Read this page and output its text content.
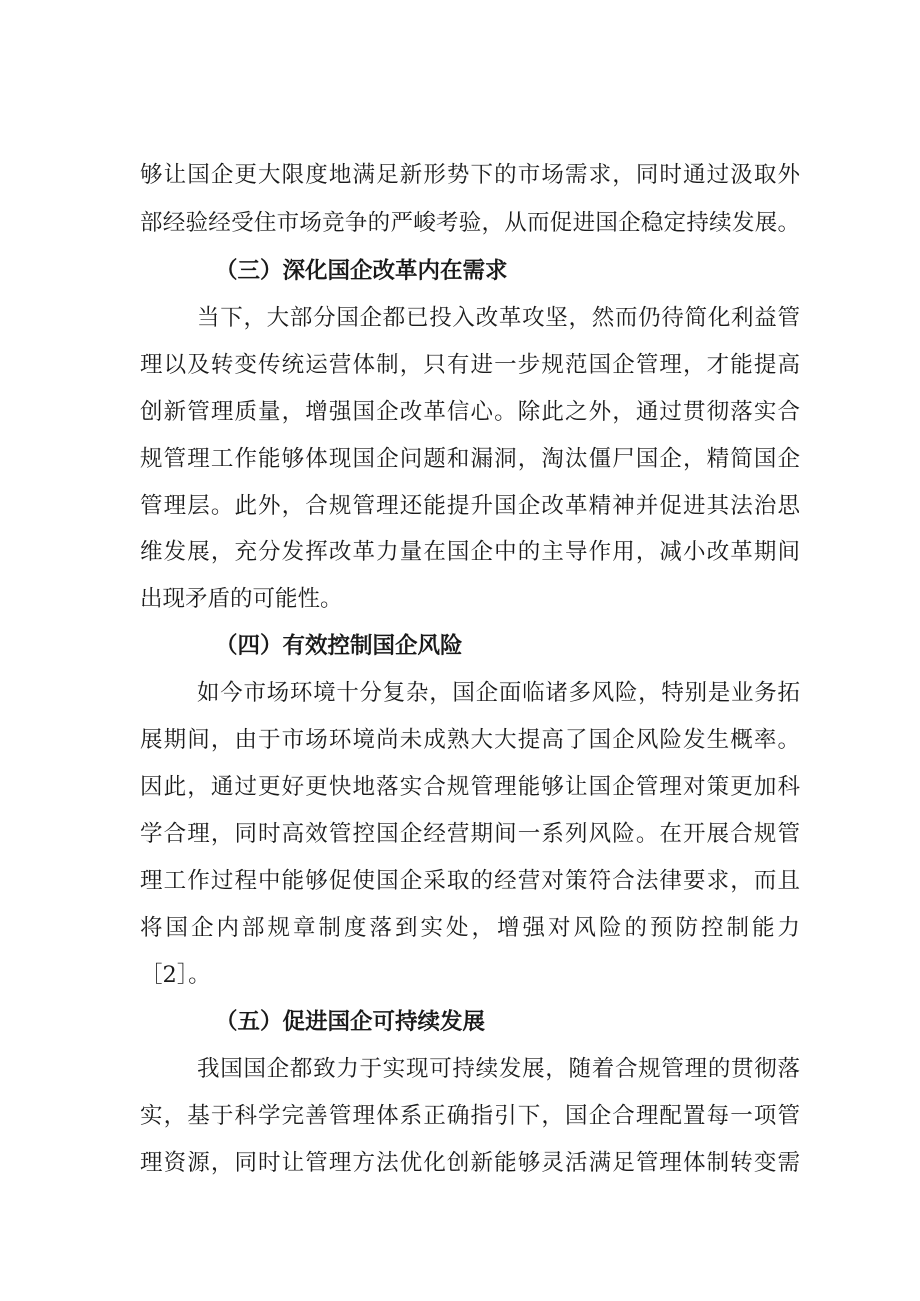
够让国企更大限度地满足新形势下的市场需求，同时通过汲取外
部经验经受住市场竞争的严峻考验，从而促进国企稳定持续发展。
（三）深化国企改革内在需求
当下，大部分国企都已投入改革攻坚，然而仍待简化利益管
理以及转变传统运营体制，只有进一步规范国企管理，才能提高
创新管理质量，增强国企改革信心。除此之外，通过贯彻落实合
规管理工作能够体现国企问题和漏洞，淘汰僵尸国企，精简国企
管理层。此外，合规管理还能提升国企改革精神并促进其法治思
维发展，充分发挥改革力量在国企中的主导作用，减小改革期间
出现矛盾的可能性。
（四）有效控制国企风险
如今市场环境十分复杂，国企面临诸多风险，特别是业务拓
展期间，由于市场环境尚未成熟大大提高了国企风险发生概率。
因此，通过更好更快地落实合规管理能够让国企管理对策更加科
学合理，同时高效管控国企经营期间一系列风险。在开展合规管
理工作过程中能够促使国企采取的经营对策符合法律要求，而且
将国企内部规章制度落到实处，增强对风险的预防控制能力
［2］。
（五）促进国企可持续发展
我国国企都致力于实现可持续发展，随着合规管理的贯彻落
实，基于科学完善管理体系正确指引下，国企合理配置每一项管
理资源，同时让管理方法优化创新能够灵活满足管理体制转变需
